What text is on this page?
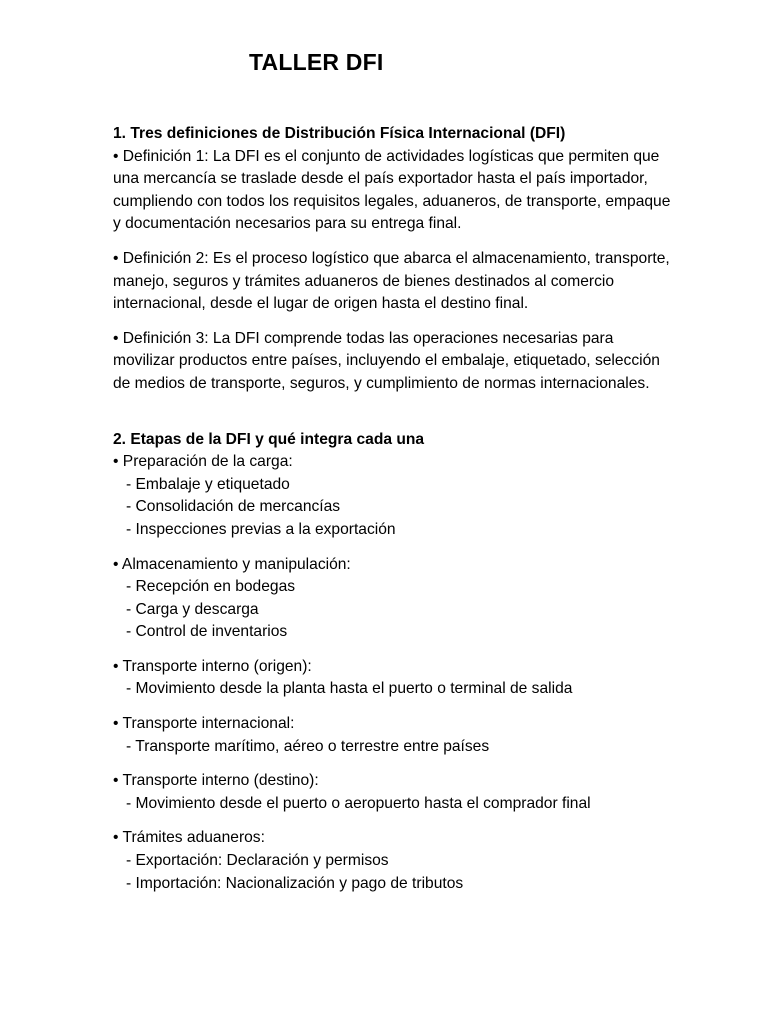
TALLER DFI

1. Tres definiciones de Distribución Física Internacional (DFI)

• Definición 1: La DFI es el conjunto de actividades logísticas que permiten que una mercancía se traslade desde el país exportador hasta el país importador, cumpliendo con todos los requisitos legales, aduaneros, de transporte, empaque y documentación necesarios para su entrega final.

• Definición 2: Es el proceso logístico que abarca el almacenamiento, transporte, manejo, seguros y trámites aduaneros de bienes destinados al comercio internacional, desde el lugar de origen hasta el destino final.

• Definición 3: La DFI comprende todas las operaciones necesarias para movilizar productos entre países, incluyendo el embalaje, etiquetado, selección de medios de transporte, seguros, y cumplimiento de normas internacionales.

2. Etapas de la DFI y qué integra cada una

• Preparación de la carga:

- Embalaje y etiquetado

- Consolidación de mercancías

- Inspecciones previas a la exportación

• Almacenamiento y manipulación:

- Recepción en bodegas

- Carga y descarga

- Control de inventarios

• Transporte interno (origen):

- Movimiento desde la planta hasta el puerto o terminal de salida

• Transporte internacional:

- Transporte marítimo, aéreo o terrestre entre países

• Transporte interno (destino):

- Movimiento desde el puerto o aeropuerto hasta el comprador final

• Trámites aduaneros:

- Exportación: Declaración y permisos

- Importación: Nacionalización y pago de tributos
